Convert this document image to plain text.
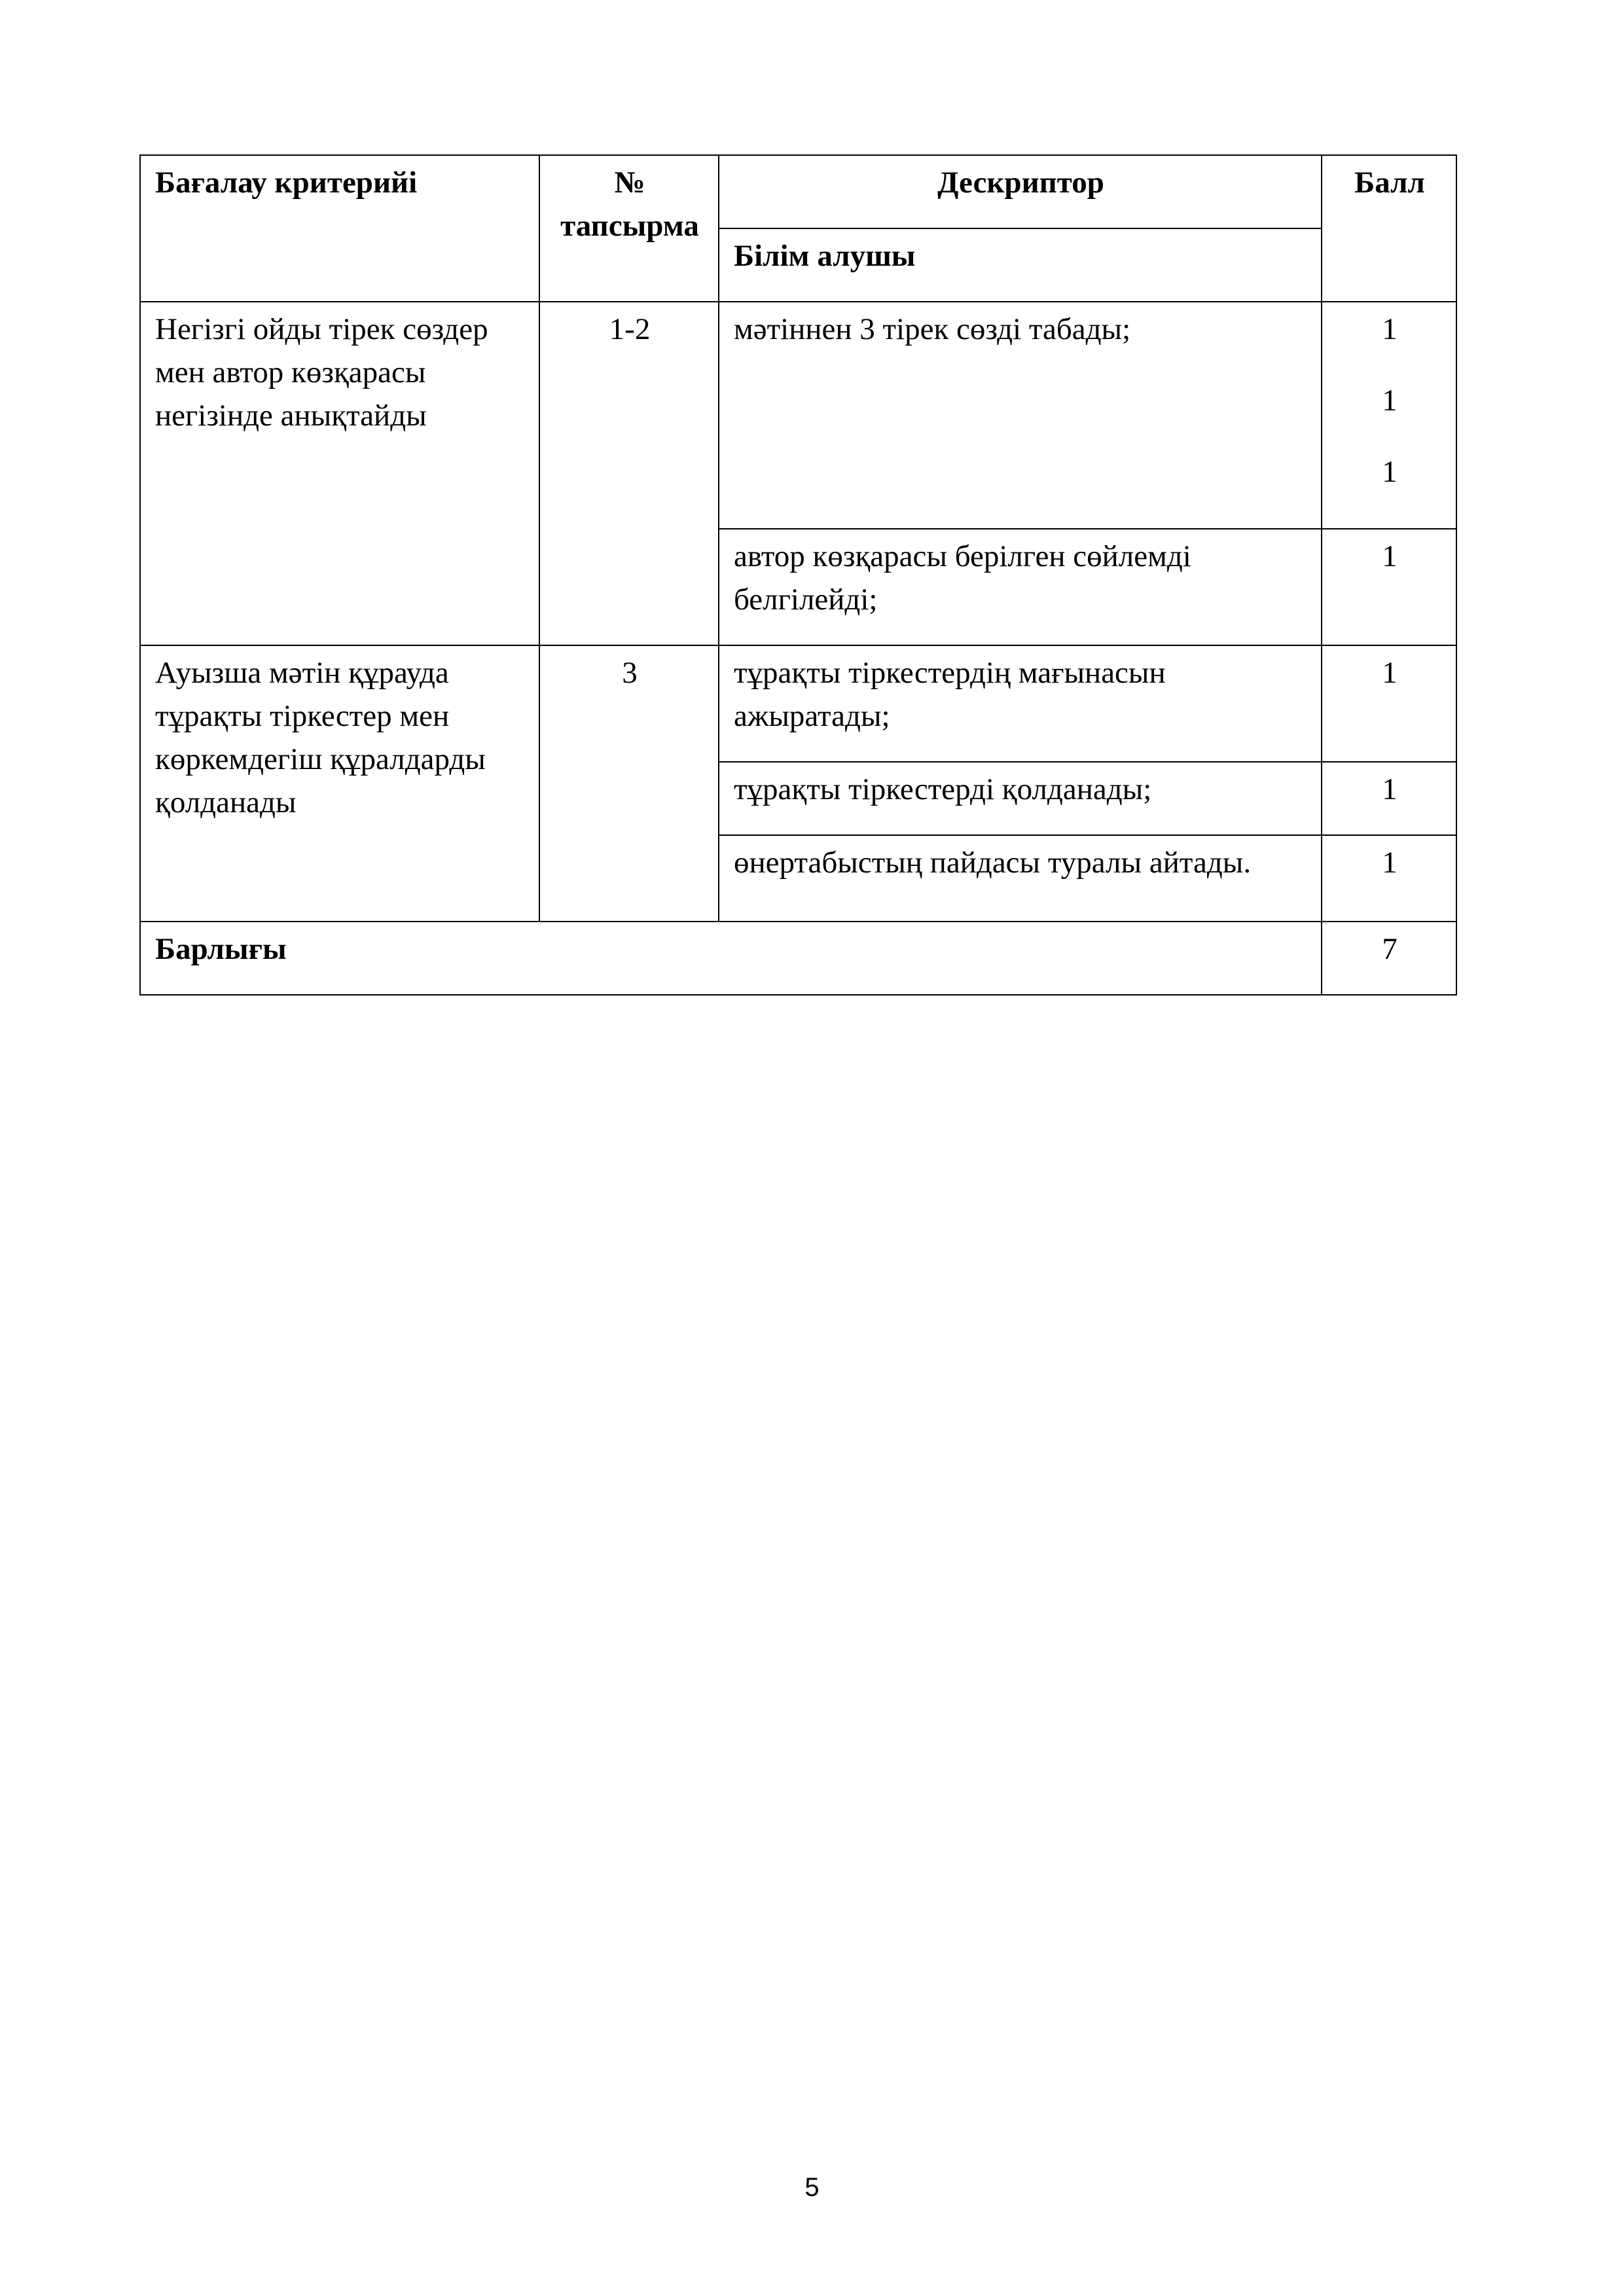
Бағалау критерийі	№ тапсырма	Дескриптор	Балл
		Білім алушы	
Негізгі ойды тірек сөздер мен автор көзқарасы негізінде анықтайды	1-2	мәтіннен 3 тірек сөзді табады;	1
1
1

		автор көзқарасы берілген сөйлемді белгілейді;	1
Ауызша мәтін құрауда тұрақты тіркестер мен көркемдегіш құралдарды қолданады	3	тұрақты тіркестердің мағынасын ажыратады;	1
		тұрақты тіркестерді қолданады;	1
		өнертабыстың пайдасы туралы айтады.	1
Барлығы			7
5
